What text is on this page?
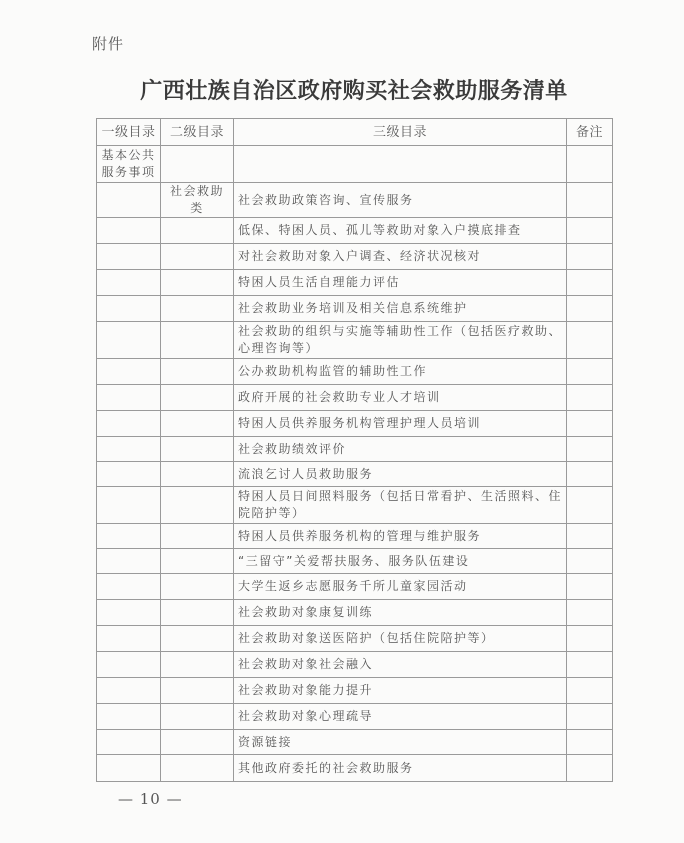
附件
广西壮族自治区政府购买社会救助服务清单
一级目录	二级目录	三级目录	备注
基本公共服务事项			
	社会救助类	社会救助政策咨询、宣传服务	
		低保、特困人员、孤儿等救助对象入户摸底排查	
		对社会救助对象入户调查、经济状况核对	
		特困人员生活自理能力评估	
		社会救助业务培训及相关信息系统维护	
		社会救助的组织与实施等辅助性工作（包括医疗救助、心理咨询等）	
		公办救助机构监管的辅助性工作	
		政府开展的社会救助专业人才培训	
		特困人员供养服务机构管理护理人员培训	
		社会救助绩效评价	
		流浪乞讨人员救助服务	
		特困人员日间照料服务（包括日常看护、生活照料、住院陪护等）	
		特困人员供养服务机构的管理与维护服务	
		“三留守”关爱帮扶服务、服务队伍建设	
		大学生返乡志愿服务千所儿童家园活动	
		社会救助对象康复训练	
		社会救助对象送医陪护（包括住院陪护等）	
		社会救助对象社会融入	
		社会救助对象能力提升	
		社会救助对象心理疏导	
		资源链接	
		其他政府委托的社会救助服务	
— 10 —
